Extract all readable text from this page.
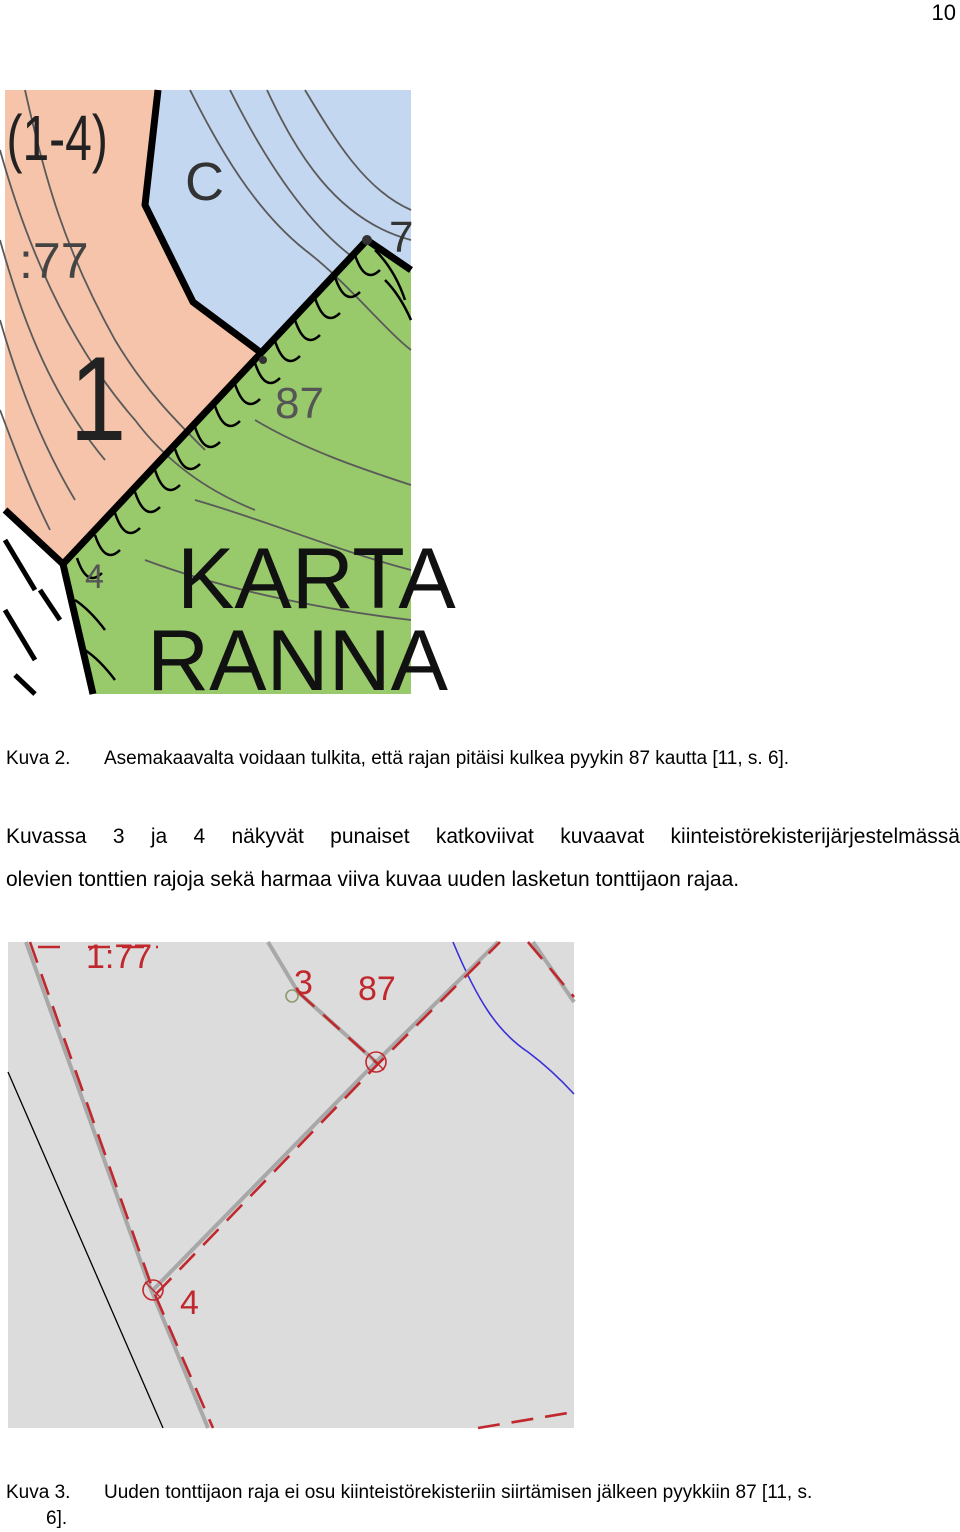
10
(1-4)
C
:77
1
7
87
4 KARTA
RANNA
Kuva 2. Asemakaavalta voidaan tulkita, että rajan pitäisi kulkea pyykin 87 kautta [11, s. 6].
Kuvassa 3 ja 4 näkyvät punaiset katkoviivat kuvaavat kiinteistörekisterijärjestelmässä
olevien tonttien rajoja sekä harmaa viiva kuvaa uuden lasketun tonttijaon rajaa.
1:77
3 87
4
Kuva 3. Uuden tonttijaon raja ei osu kiinteistörekisteriin siirtämisen jälkeen pyykkiin 87 [11, s.
6].
